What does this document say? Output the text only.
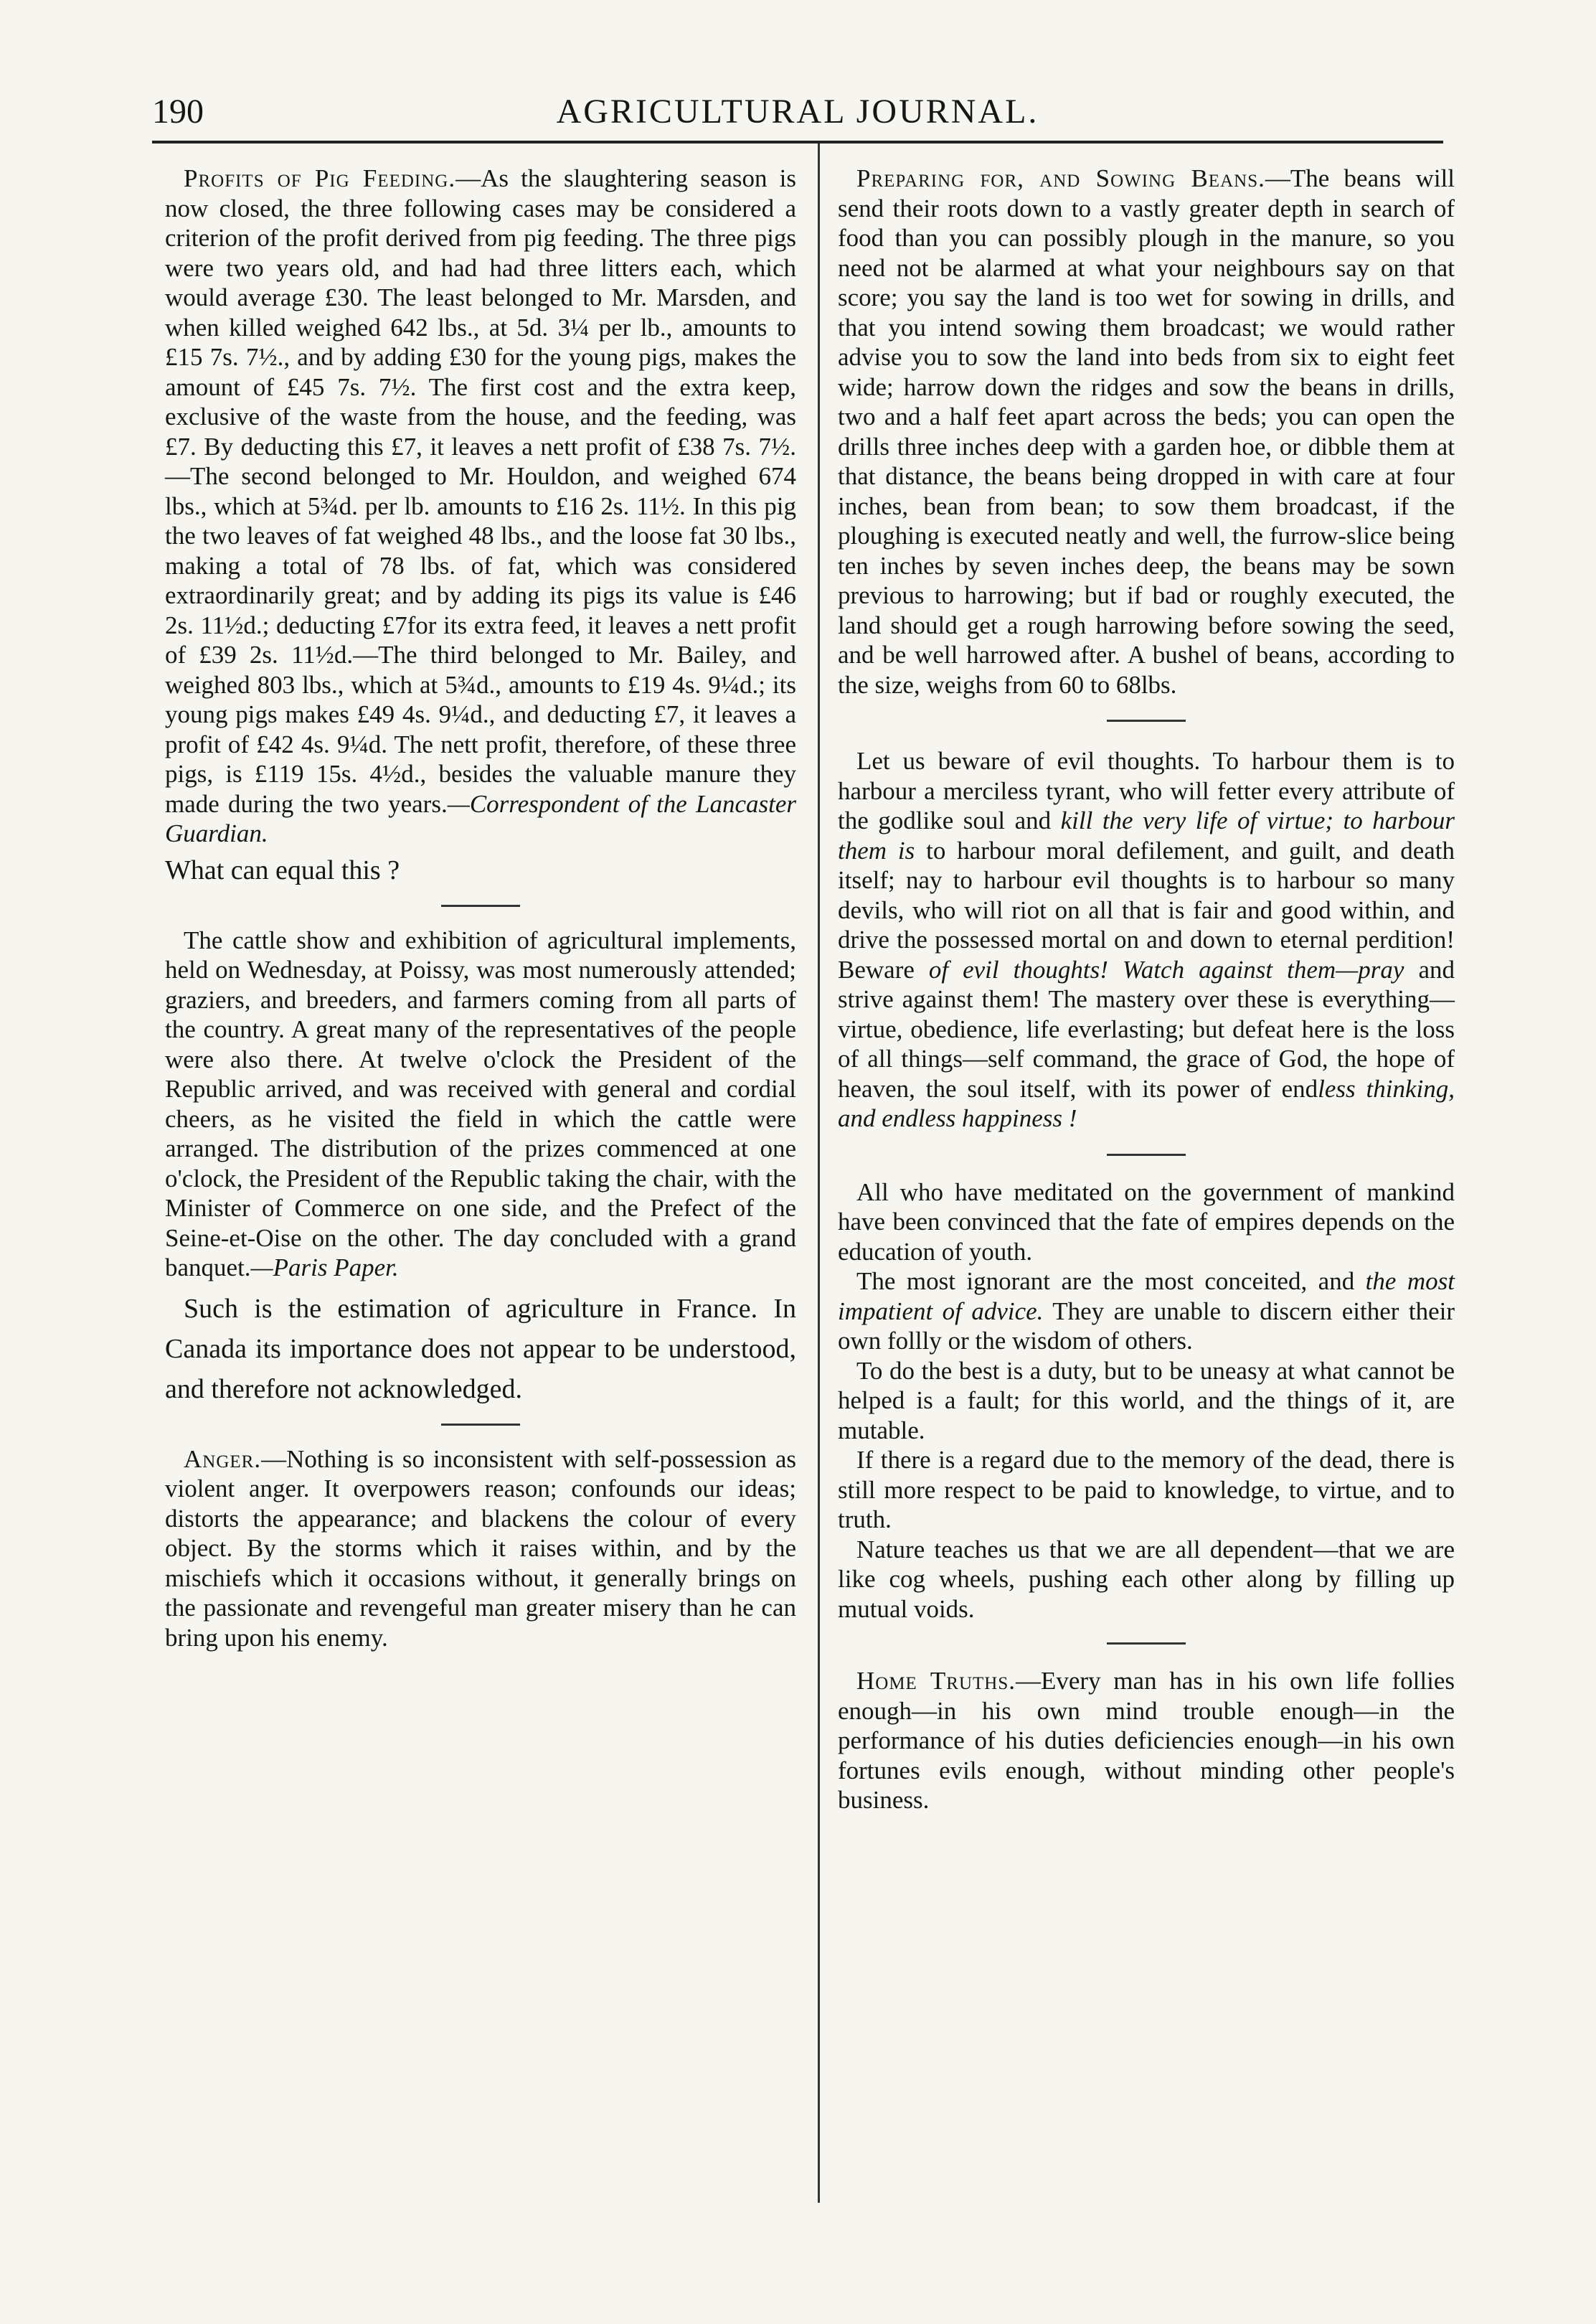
190	AGRICULTURAL JOURNAL.

Profits of Pig Feeding.—As the slaughtering season is now closed, the three following cases may be considered a criterion of the profit derived from pig feeding. The three pigs were two years old, and had had three litters each, which would average £30. The least belonged to Mr. Marsden, and when killed weighed 642 lbs., at 5d. 3¼ per lb., amounts to £15 7s. 7½., and by adding £30 for the young pigs, makes the amount of £45 7s. 7½. The first cost and the extra keep, exclusive of the waste from the house, and the feeding, was £7. By deducting this £7, it leaves a nett profit of £38 7s. 7½.—The second belonged to Mr. Houldon, and weighed 674 lbs., which at 5¾d. per lb. amounts to £16 2s. 11½. In this pig the two leaves of fat weighed 48 lbs., and the loose fat 30 lbs., making a total of 78 lbs. of fat, which was considered extraordinarily great; and by adding its pigs its value is £46 2s. 11½d.; deducting £7for its extra feed, it leaves a nett profit of £39 2s. 11½d.—The third belonged to Mr. Bailey, and weighed 803 lbs., which at 5¾d., amounts to £19 4s. 9¼d.; its young pigs makes £49 4s. 9¼d., and deducting £7, it leaves a profit of £42 4s. 9¼d. The nett profit, therefore, of these three pigs, is £119 15s. 4½d., besides the valuable manure they made during the two years.—Correspondent of the Lancaster Guardian.

What can equal this ?

The cattle show and exhibition of agricultural implements, held on Wednesday, at Poissy, was most numerously attended; graziers, and breeders, and farmers coming from all parts of the country. A great many of the representatives of the people were also there. At twelve o'clock the President of the Republic arrived, and was received with general and cordial cheers, as he visited the field in which the cattle were arranged. The distribution of the prizes commenced at one o'clock, the President of the Republic taking the chair, with the Minister of Commerce on one side, and the Prefect of the Seine-et-Oise on the other. The day concluded with a grand banquet.—Paris Paper.

Such is the estimation of agriculture in France. In Canada its importance does not appear to be understood, and therefore not acknowledged.

Anger.—Nothing is so inconsistent with self-possession as violent anger. It overpowers reason; confounds our ideas; distorts the appearance; and blackens the colour of every object. By the storms which it raises within, and by the mischiefs which it occasions without, it generally brings on the passionate and revengeful man greater misery than he can bring upon his enemy.

Preparing for, and Sowing Beans.—The beans will send their roots down to a vastly greater depth in search of food than you can possibly plough in the manure, so you need not be alarmed at what your neighbours say on that score; you say the land is too wet for sowing in drills, and that you intend sowing them broadcast; we would rather advise you to sow the land into beds from six to eight feet wide; harrow down the ridges and sow the beans in drills, two and a half feet apart across the beds; you can open the drills three inches deep with a garden hoe, or dibble them at that distance, the beans being dropped in with care at four inches, bean from bean; to sow them broadcast, if the ploughing is executed neatly and well, the furrow-slice being ten inches by seven inches deep, the beans may be sown previous to harrowing; but if bad or roughly executed, the land should get a rough harrowing before sowing the seed, and be well harrowed after. A bushel of beans, according to the size, weighs from 60 to 68lbs.

Let us beware of evil thoughts. To harbour them is to harbour a merciless tyrant, who will fetter every attribute of the godlike soul and kill the very life of virtue; to harbour them is to harbour moral defilement, and guilt, and death itself; nay to harbour evil thoughts is to harbour so many devils, who will riot on all that is fair and good within, and drive the possessed mortal on and down to eternal perdition! Beware of evil thoughts! Watch against them—pray and strive against them! The mastery over these is everything—virtue, obedience, life everlasting; but defeat here is the loss of all things—self command, the grace of God, the hope of heaven, the soul itself, with its power of endless thinking, and endless happiness !

All who have meditated on the government of mankind have been convinced that the fate of empires depends on the education of youth.

The most ignorant are the most conceited, and the most impatient of advice. They are unable to discern either their own follly or the wisdom of others.

To do the best is a duty, but to be uneasy at what cannot be helped is a fault; for this world, and the things of it, are mutable.

If there is a regard due to the memory of the dead, there is still more respect to be paid to knowledge, to virtue, and to truth.

Nature teaches us that we are all dependent—that we are like cog wheels, pushing each other along by filling up mutual voids.

Home Truths.—Every man has in his own life follies enough—in his own mind trouble enough—in the performance of his duties deficiencies enough—in his own fortunes evils enough, without minding other people's business.
